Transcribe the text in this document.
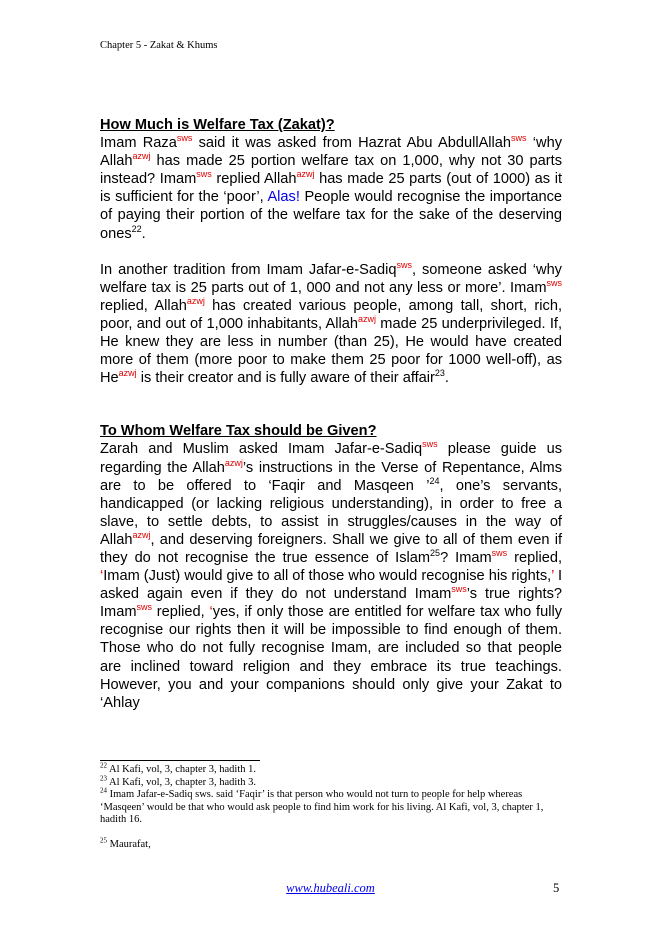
Chapter 5 - Zakat & Khums

How Much is Welfare Tax (Zakat)?

Imam Raza$^{sws}$ said it was asked from Hazrat Abu AbdullAllah$^{sws}$ ‘why Allah$^{azwj}$ has made 25 portion welfare tax on 1,000, why not 30 parts instead? Imam$^{sws}$ replied Allah$^{azwj}$ has made 25 parts (out of 1000) as it is sufficient for the ‘poor’, Alas! People would recognise the importance of paying their portion of the welfare tax for the sake of the deserving ones$^{22}$.

In another tradition from Imam Jafar-e-Sadiq$^{sws}$, someone asked ‘why welfare tax is 25 parts out of 1, 000 and not any less or more’. Imam$^{sws}$ replied, Allah$^{azwj}$ has created various people, among tall, short, rich, poor, and out of 1,000 inhabitants, Allah$^{azwj}$ made 25 underprivileged. If, He knew they are less in number (than 25), He would have created more of them (more poor to make them 25 poor for 1000 well-off), as $He^{azwj}$ is their creator and is fully aware of their affair$^{23}$.

To Whom Welfare Tax should be Given?

Zarah and Muslim asked Imam Jafar-e-Sadiq$^{sws}$ please guide us regarding the Allah$^{azwj}$’s instructions in the Verse of Repentance, Alms are to be offered to ‘Faqir and Masqeen ’$^{24}$, one’s servants, handicapped (or lacking religious understanding), in order to free a slave, to settle debts, to assist in struggles/causes in the way of Allah$^{azwj}$, and deserving foreigners. Shall we give to all of them even if they do not recognise the true essence of Islam$^{25}$? Imam$^{sws}$ replied, ‘Imam (Just) would give to all of those who would recognise his rights,’ I asked again even if they do not understand Imam$^{sws}$’s true rights? Imam$^{sws}$ replied, ‘yes, if only those are entitled for welfare tax who fully recognise our rights then it will be impossible to find enough of them. Those who do not fully recognise Imam, are included so that people are inclined toward religion and they embrace its true teachings. However, you and your companions should only give your Zakat to ‘Ahlay

$^{22}$ Al Kafi, vol, 3, chapter 3, hadith 1.
$^{23}$ Al Kafi, vol, 3, chapter 3, hadith 3.
$^{24}$ Imam Jafar-e-Sadiq sws. said ‘Faqir’ is that person who would not turn to people for help whereas ‘Masqeen’ would be that who would ask people to find him work for his living. Al Kafi, vol, 3, chapter 1, hadith 16.
$^{25}$ Maurafat,
www.hubeali.com	5
